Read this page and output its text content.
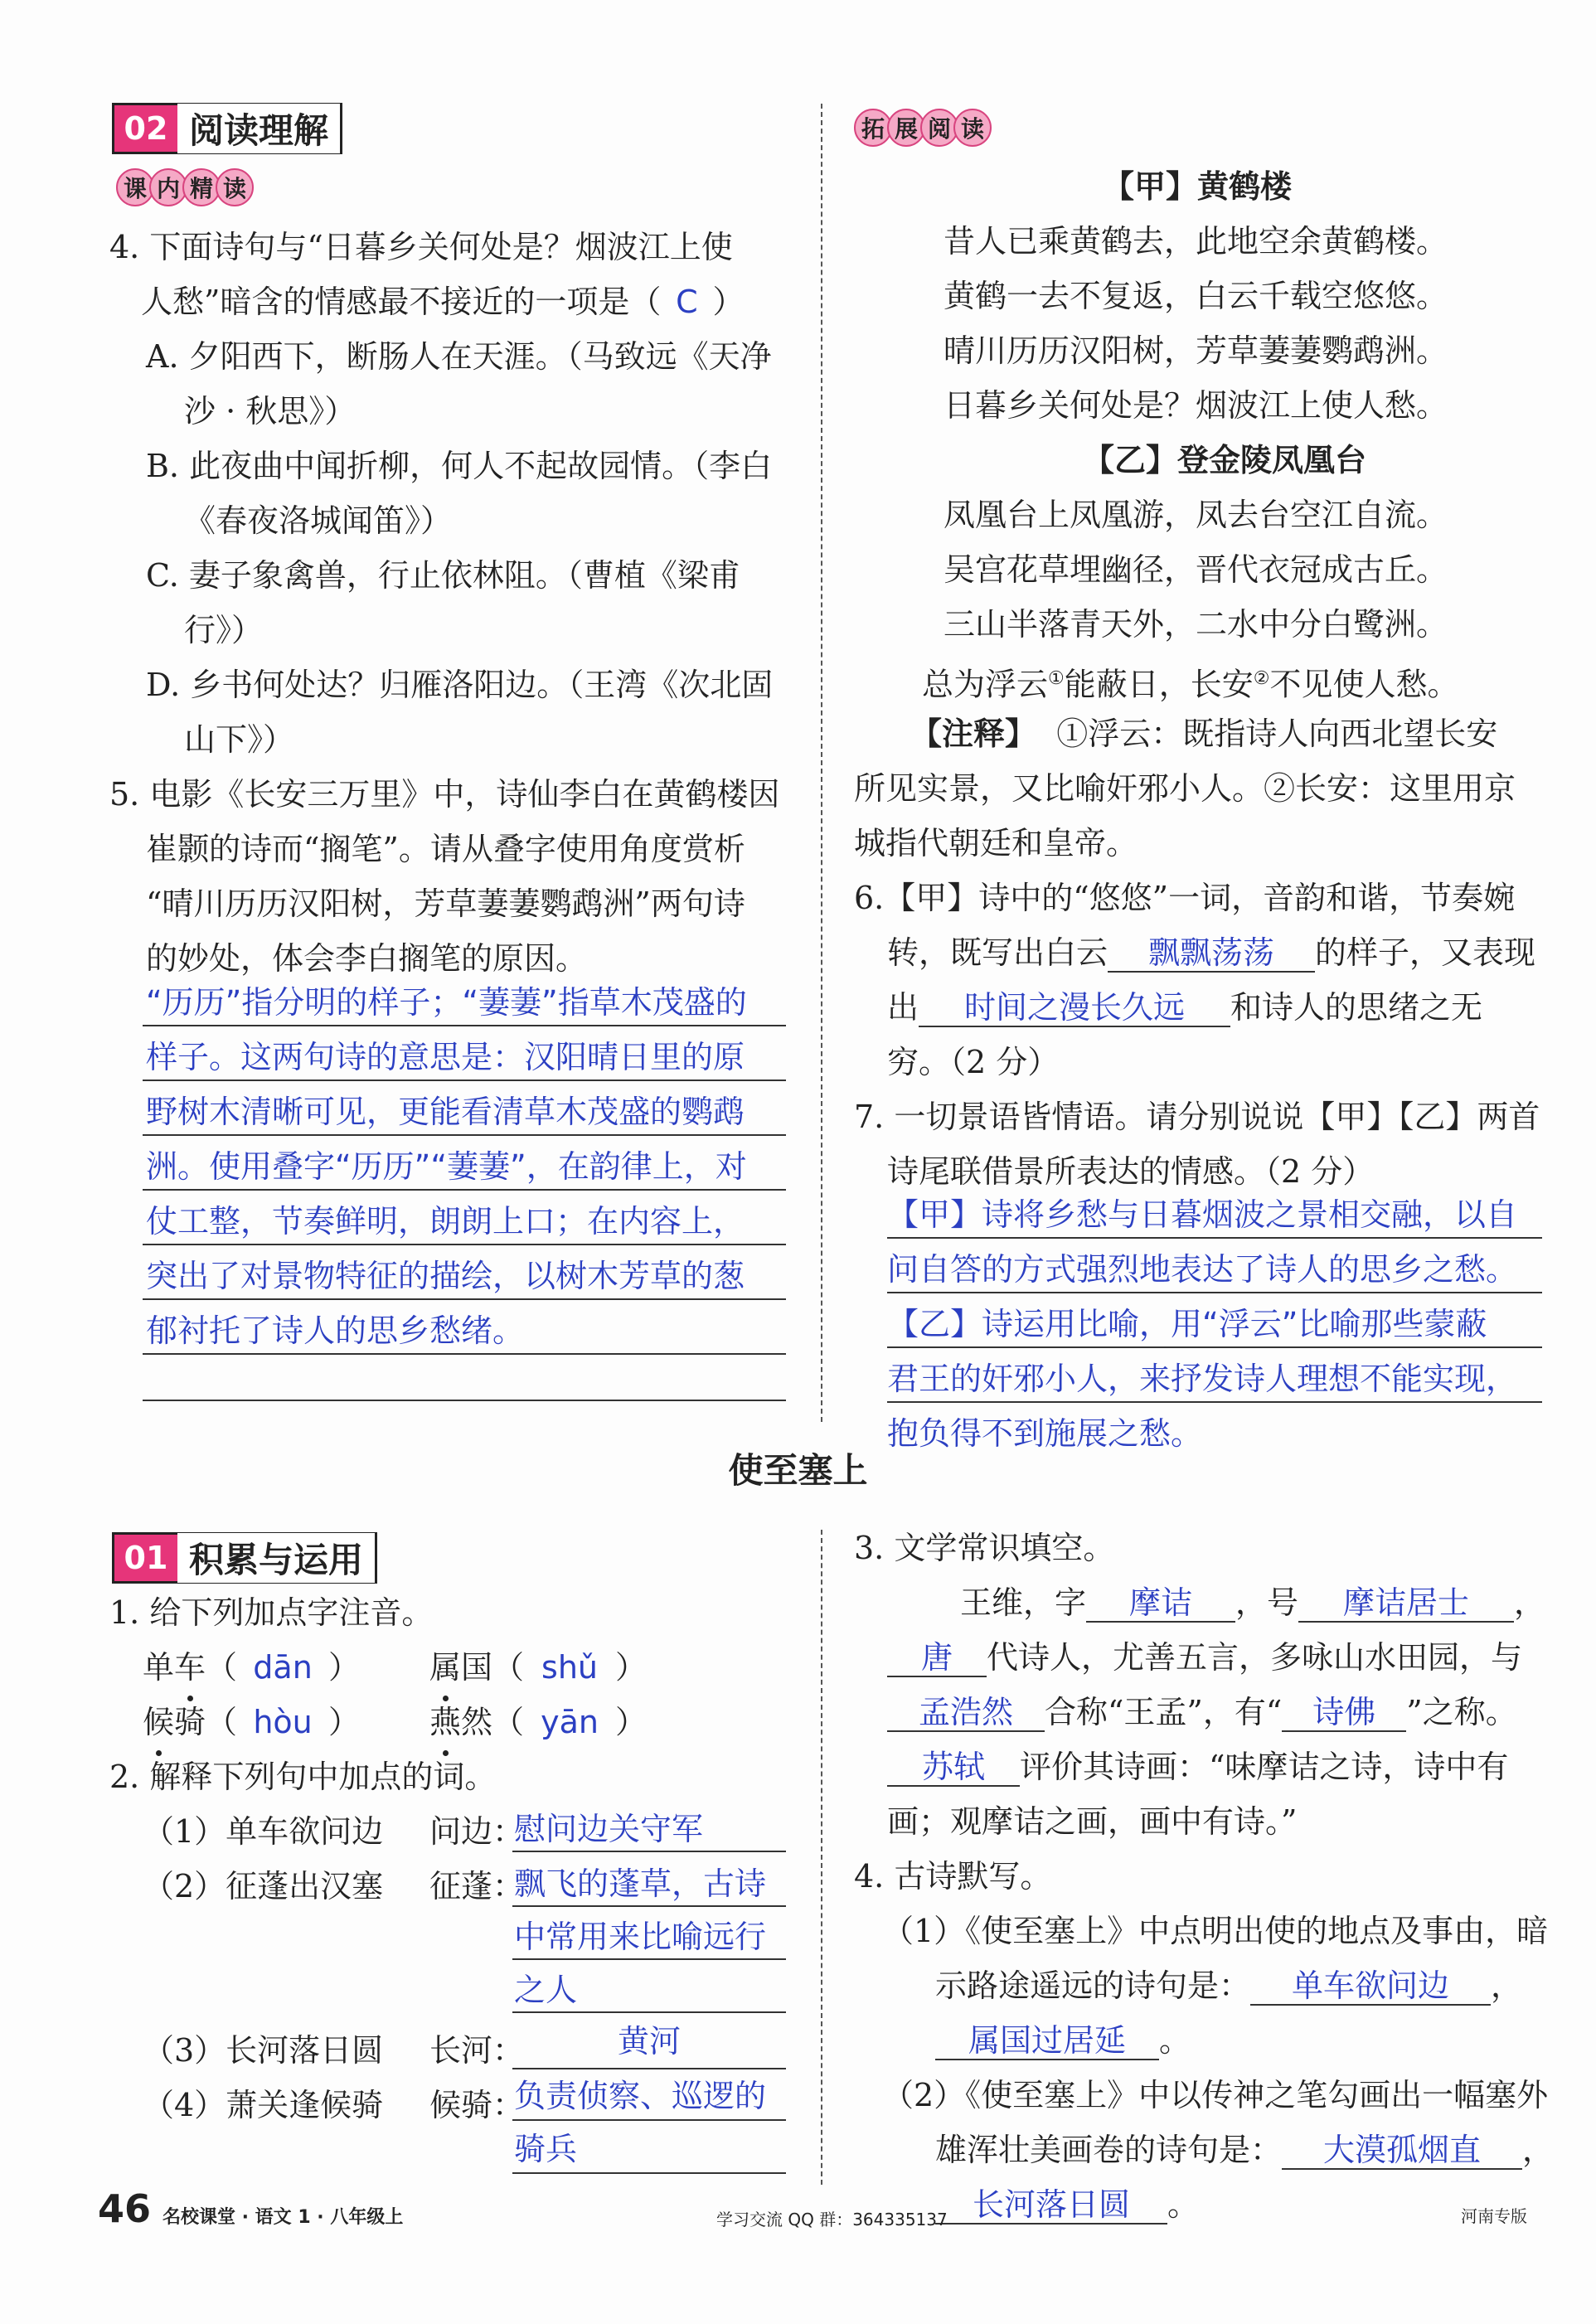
02 阅读理解
课 内 精 读
4. 下面诗句与“日暮乡关何处是？烟波江上使
人愁”暗含的情感最不接近的一项是（ C ）
A. 夕阳西下，断肠人在天涯。（马致远《天净
沙 · 秋思》）
B. 此夜曲中闻折柳，何人不起故园情。（李白
《春夜洛城闻笛》）
C. 妻子象禽兽，行止依林阻。（曹植《梁甫
行》）
D. 乡书何处达？归雁洛阳边。（王湾《次北固
山下》）
5. 电影《长安三万里》中，诗仙李白在黄鹤楼因
崔颢的诗而“搁笔”。请从叠字使用角度赏析
“晴川历历汉阳树，芳草萋萋鹦鹉洲”两句诗
的妙处，体会李白搁笔的原因。
“历历”指分明的样子；“萋萋”指草木茂盛的
样子。这两句诗的意思是：汉阳晴日里的原
野树木清晰可见，更能看清草木茂盛的鹦鹉
洲。使用叠字“历历”“萋萋”，在韵律上，对
仗工整，节奏鲜明，朗朗上口；在内容上，
突出了对景物特征的描绘，以树木芳草的葱
郁衬托了诗人的思乡愁绪。
拓 展 阅 读
【甲】黄鹤楼
昔人已乘黄鹤去，此地空余黄鹤楼。
黄鹤一去不复返，白云千载空悠悠。
晴川历历汉阳树，芳草萋萋鹦鹉洲。
日暮乡关何处是？烟波江上使人愁。
【乙】登金陵凤凰台
凤凰台上凤凰游，凤去台空江自流。
吴宫花草埋幽径，晋代衣冠成古丘。
三山半落青天外，二水中分白鹭洲。
总为浮云①能蔽日，长安②不见使人愁。
【注释】 ①浮云：既指诗人向西北望长安
所见实景，又比喻奸邪小人。②长安：这里用京
城指代朝廷和皇帝。
6.【甲】诗中的“悠悠”一词，音韵和谐，节奏婉
转，既写出白云 飘飘荡荡 的样子，又表现
出 时间之漫长久远 和诗人的思绪之无
穷。（2 分）
7. 一切景语皆情语。请分别说说【甲】【乙】两首
诗尾联借景所表达的情感。（2 分）
【甲】诗将乡愁与日暮烟波之景相交融，以自
问自答的方式强烈地表达了诗人的思乡之愁。
【乙】诗运用比喻，用“浮云”比喻那些蒙蔽
君王的奸邪小人，来抒发诗人理想不能实现，
抱负得不到施展之愁。
使至塞上
01 积累与运用
1. 给下列加点字注音。
单车（ dān ） 属国（ shǔ ）
候骑（ hòu ） 燕然（ yān ）
2. 解释下列句中加点的词。
（1）单车欲问边 问边：
慰问边关守军
（2）征蓬出汉塞 征蓬：
飘飞的蓬草，古诗
中常用来比喻远行
之人
（3）长河落日圆 长河：	黄河
（4）萧关逢候骑 候骑：
负责侦察、巡逻的
骑兵
3. 文学常识填空。
王维，字 摩诘 ，号 摩诘居士 ，
唐 代诗人，尤善五言，多咏山水田园，与
孟浩然 合称“王孟”，有“ 诗佛 ”之称。
苏轼 评价其诗画：“味摩诘之诗，诗中有
画；观摩诘之画，画中有诗。”
4. 古诗默写。
（1）《使至塞上》中点明出使的地点及事由，暗
示路途遥远的诗句是： 单车欲问边 ，
属国过居延 。
（2）《使至塞上》中以传神之笔勾画出一幅塞外
雄浑壮美画卷的诗句是： 大漠孤烟直 ，
长河落日圆 。
46 名校课堂 · 语文 1 · 八年级上	学习交流 QQ 群：364335137	河南专版
